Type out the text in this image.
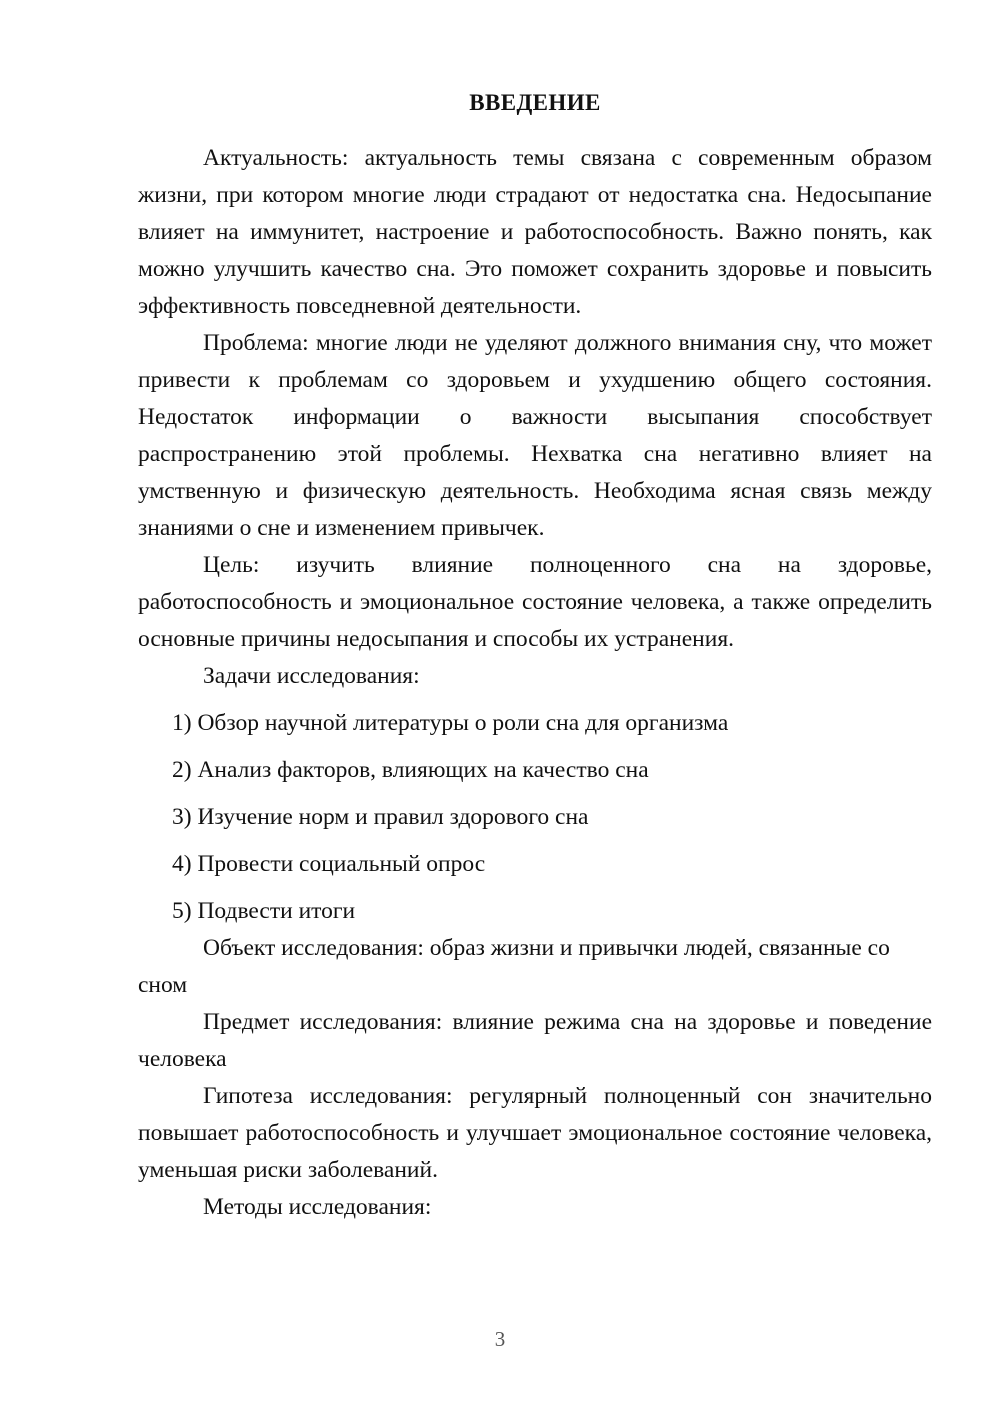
ВВЕДЕНИЕ

Актуальность: актуальность темы связана с современным образом жизни, при котором многие люди страдают от недостатка сна. Недосыпание влияет на иммунитет, настроение и работоспособность. Важно понять, как можно улучшить качество сна. Это поможет сохранить здоровье и повысить эффективность повседневной деятельности.

Проблема: многие люди не уделяют должного внимания сну, что может привести к проблемам со здоровьем и ухудшению общего состояния. Недостаток информации о важности высыпания способствует распространению этой проблемы. Нехватка сна негативно влияет на умственную и физическую деятельность. Необходима ясная связь между знаниями о сне и изменением привычек.

Цель: изучить влияние полноценного сна на здоровье, работоспособность и эмоциональное состояние человека, а также определить основные причины недосыпания и способы их устранения.

Задачи исследования:

1) Обзор научной литературы о роли сна для организма

2) Анализ факторов, влияющих на качество сна

3) Изучение норм и правил здорового сна

4) Провести социальный опрос

5) Подвести итоги

Объект исследования: образ жизни и привычки людей, связанные со сном

Предмет исследования: влияние режима сна на здоровье и поведение человека

Гипотеза исследования: регулярный полноценный сон значительно повышает работоспособность и улучшает эмоциональное состояние человека, уменьшая риски заболеваний.

Методы исследования:

3
